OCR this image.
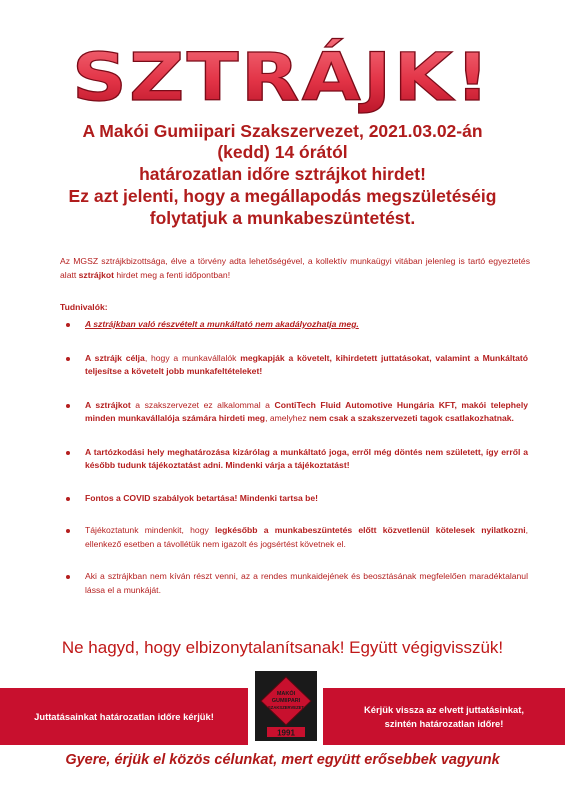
SZTRÁJK!
A Makói Gumiipari Szakszervezet, 2021.03.02-án
(kedd) 14 órától
határozatlan időre sztrájkot hirdet!
Ez azt jelenti, hogy a megállapodás megszületéséig
folytatjuk a munkabeszüntetést.
Az MGSZ sztrájkbizottsága, élve a törvény adta lehetőségével, a kollektív munkaügyi vitában jelenleg is tartó egyeztetés alatt sztrájkot hirdet meg a fenti időpontban!
Tudnivalók:
A sztrájkban való részvételt a munkáltató nem akadályozhatja meg.
A sztrájk célja, hogy a munkavállalók megkapják a követelt, kihirdetett juttatásokat, valamint a Munkáltató teljesítse a követelt jobb munkafeltételeket!
A sztrájkot a szakszervezet ez alkalommal a ContiTech Fluid Automotive Hungária KFT, makói telephely minden munkavállalója számára hirdeti meg, amelyhez nem csak a szakszervezeti tagok csatlakozhatnak.
A tartózkodási hely meghatározása kizárólag a munkáltató joga, erről még döntés nem született, így erről a később tudunk tájékoztatást adni. Mindenki várja a tájékoztatást!
Fontos a COVID szabályok betartása! Mindenki tartsa be!
Tájékoztatunk mindenkit, hogy legkésőbb a munkabeszüntetés előtt közvetlenül kötelesek nyilatkozni, ellenkező esetben a távollétük nem igazolt és jogsértést követnek el.
Aki a sztrájkban nem kíván részt venni, az a rendes munkaidejének és beosztásának megfelelően maradéktalanul lássa el a munkáját.
Ne hagyd, hogy elbizonytalanítsanak! Együtt végigvisszük!
Juttatásainkat határozatlan időre kérjük!
Kérjük vissza az elvett juttatásinkat,
szintén határozatlan időre!
MAKÓI
GUMIIPARI
SZAKSZERVEZET
1991
Gyere, érjük el közös célunkat, mert együtt erősebbek vagyunk
